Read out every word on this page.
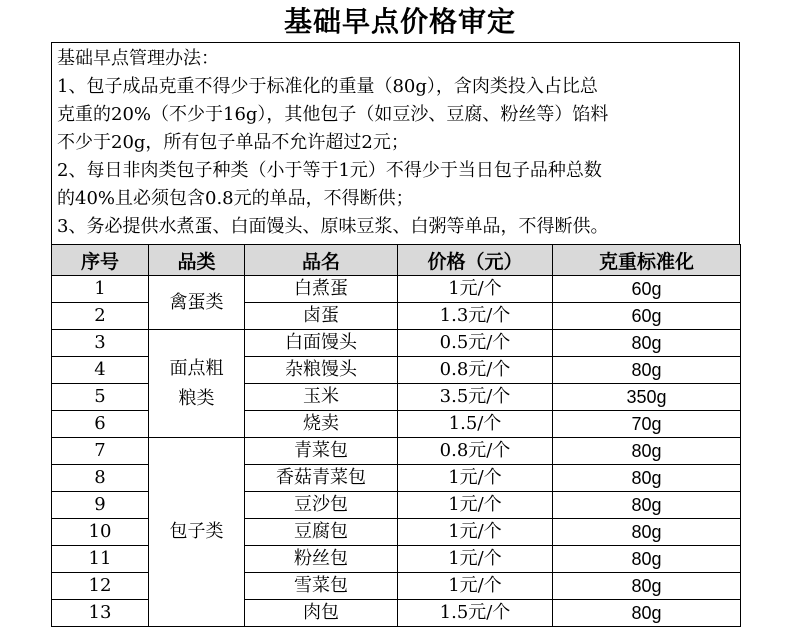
基础早点价格审定
基础早点管理办法：
1、包子成品克重不得少于标准化的重量（80g），含肉类投入占比总
克重的20%（不少于16g），其他包子（如豆沙、豆腐、粉丝等）馅料
不少于20g，所有包子单品不允许超过2元；
2、每日非肉类包子种类（小于等于1元）不得少于当日包子品种总数
的40%且必须包含0.8元的单品，不得断供；
3、务必提供水煮蛋、白面馒头、原味豆浆、白粥等单品，不得断供。
序号	品类	品名	价格（元）	克重标准化
1	禽蛋类	白煮蛋	1元/个	60g
2		卤蛋	1.3元/个	60g
3	面点粗粮类	白面馒头	0.5元/个	80g
4		杂粮馒头	0.8元/个	80g
5		玉米	3.5元/个	350g
6		烧卖	1.5/个	70g
7	包子类	青菜包	0.8元/个	80g
8		香菇青菜包	1元/个	80g
9		豆沙包	1元/个	80g
10		豆腐包	1元/个	80g
11		粉丝包	1元/个	80g
12		雪菜包	1元/个	80g
13		肉包	1.5元/个	80g
